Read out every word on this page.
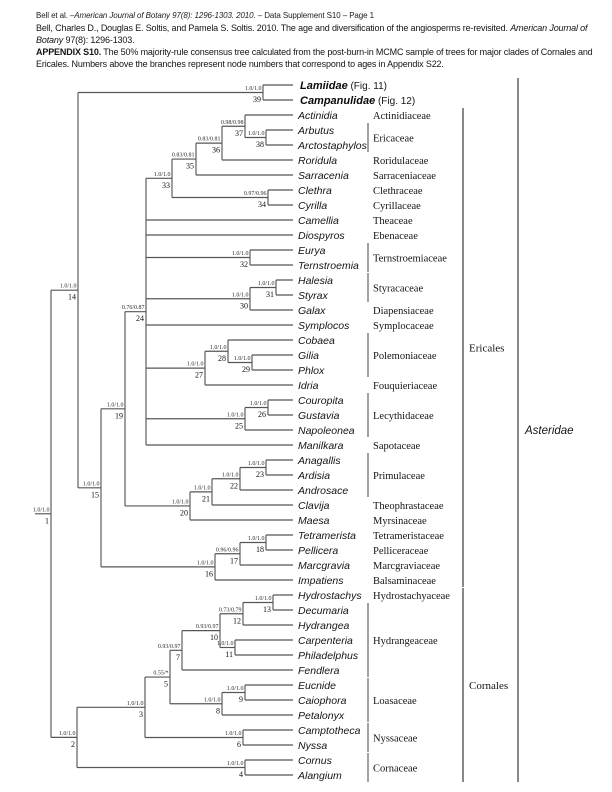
Bell et al. –American Journal of Botany 97(8): 1296-1303. 2010. – Data Supplement S10 – Page 1

Bell, Charles D., Douglas E. Soltis, and Pamela S. Soltis. 2010. The age and diversification of the angiosperms re-revisited. American Journal of Botany 97(8): 1296-1303.

APPENDIX S10. The 50% majority-rule consensus tree calculated from the post-burn-in MCMC sample of trees for major clades of Cornales and Ericales. Numbers above the branches represent node numbers that correspond to ages in Appendix S22.

1.0/1.0
1
1.0/1.0
14
1.0/1.0
39
Lamiidae (Fig. 11)
Campanulidae (Fig. 12)
1.0/1.0
15
1.0/1.0
19
0.76/0.87
24
1.0/1.0
33
0.83/0.81
35
0.83/0.81
36
0.98/0.98
37
Actinidia
1.0/1.0
38
Arbutus
Arctostaphylos
Roridula
Sarracenia
0.97/0.96
34
Clethra
Cyrilla
Camellia
Diospyros
1.0/1.0
32
Eurya
Ternstroemia
1.0/1.0
30
1.0/1.0
31
Halesia
Styrax
Galax
Symplocos
1.0/1.0
27
1.0/1.0
28
Cobaea
1.0/1.0
29
Gilia
Phlox
Idria
1.0/1.0
25
1.0/1.0
26
Couropita
Gustavia
Napoleonea
Manilkara
1.0/1.0
20
1.0/1.0
21
1.0/1.0
22
1.0/1.0
23
Anagallis
Ardisia
Androsace
Clavija
Maesa
1.0/1.0
16
0.96/0.96
17
1.0/1.0
18
Tetramerista
Pellicera
Marcgravia
Impatiens
1.0/1.0
2
1.0/1.0
3
0.55/*
5
0.93/0.97
7
0.93/0.97
10
0.73/0.79
12
1.0/1.0
13
Hydrostachys
Decumaria
Hydrangea
1.0/1.0
11
Carpenteria
Philadelphus
Fendlera
1.0/1.0
8
1.0/1.0
9
Eucnide
Caiophora
Petalonyx
1.0/1.0
6
Camptotheca
Nyssa
1.0/1.0
4
Cornus
Alangium
Actinidiaceae
Ericaceae
Roridulaceae
Sarraceniaceae
Clethraceae
Cyrillaceae
Theaceae
Ebenaceae
Ternstroemiaceae
Styracaceae
Diapensiaceae
Symplocaceae
Polemoniaceae
Fouquieriaceae
Lecythidaceae
Sapotaceae
Primulaceae
Theophrastaceae
Myrsinaceae
Tetrameristaceae
Pelliceraceae
Marcgraviaceae
Balsaminaceae
Hydrostachyaceae
Hydrangeaceae
Loasaceae
Nyssaceae
Cornaceae
Ericales
Cornales
Asteridae
